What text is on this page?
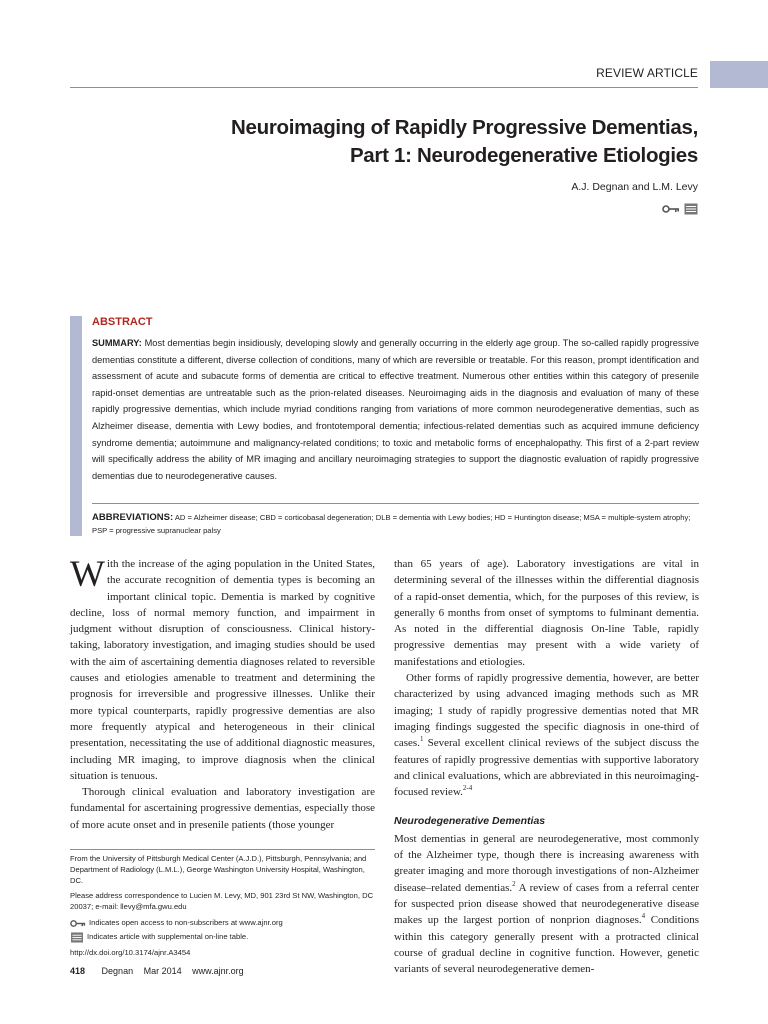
REVIEW ARTICLE
Neuroimaging of Rapidly Progressive Dementias,
Part 1: Neurodegenerative Etiologies
A.J. Degnan and L.M. Levy
ABSTRACT
SUMMARY: Most dementias begin insidiously, developing slowly and generally occurring in the elderly age group. The so-called rapidly progressive dementias constitute a different, diverse collection of conditions, many of which are reversible or treatable. For this reason, prompt identification and assessment of acute and subacute forms of dementia are critical to effective treatment. Numerous other entities within this category of presenile rapid-onset dementias are untreatable such as the prion-related diseases. Neuroimaging aids in the diagnosis and evaluation of many of these rapidly progressive dementias, which include myriad conditions ranging from variations of more common neurodegenerative dementias, such as Alzheimer disease, dementia with Lewy bodies, and frontotemporal dementia; infectious-related dementias such as acquired immune deficiency syndrome dementia; autoimmune and malignancy-related conditions; to toxic and metabolic forms of encephalopathy. This first of a 2-part review will specifically address the ability of MR imaging and ancillary neuroimaging strategies to support the diagnostic evaluation of rapidly progressive dementias due to neurodegenerative causes.
ABBREVIATIONS: AD = Alzheimer disease; CBD = corticobasal degeneration; DLB = dementia with Lewy bodies; HD = Huntington disease; MSA = multiple-system atrophy; PSP = progressive supranuclear palsy

With the increase of the aging population in the United States, the accurate recognition of dementia types is becoming an important clinical topic. Dementia is marked by cognitive decline, loss of normal memory function, and impairment in judgment without disruption of consciousness. Clinical history-taking, laboratory investigation, and imaging studies should be used with the aim of ascertaining dementia diagnoses related to reversible causes and etiologies amenable to treatment and determining the prognosis for irreversible and progressive illnesses. Unlike their more typical counterparts, rapidly progressive dementias are also more frequently atypical and heterogeneous in their clinical presentation, necessitating the use of additional diagnostic measures, including MR imaging, to improve diagnosis when the clinical situation is tenuous.

Thorough clinical evaluation and laboratory investigation are fundamental for ascertaining progressive dementias, especially those of more acute onset and in presenile patients (those younger

than 65 years of age). Laboratory investigations are vital in determining several of the illnesses within the differential diagnosis of a rapid-onset dementia, which, for the purposes of this review, is generally 6 months from onset of symptoms to fulminant dementia. As noted in the differential diagnosis On-line Table, rapidly progressive dementias may present with a wide variety of manifestations and etiologies.

Other forms of rapidly progressive dementia, however, are better characterized by using advanced imaging methods such as MR imaging; 1 study of rapidly progressive dementias noted that MR imaging findings suggested the specific diagnosis in one-third of cases.$^1$ Several excellent clinical reviews of the subject discuss the features of rapidly progressive dementias with supportive laboratory and clinical evaluations, which are abbreviated in this neuroimaging-focused review.$^{2-4}$

Neurodegenerative Dementias

Most dementias in general are neurodegenerative, most commonly of the Alzheimer type, though there is increasing awareness with greater imaging and more thorough investigations of non-Alzheimer disease–related dementias.$^2$ A review of cases from a referral center for suspected prion disease showed that neurodegenerative disease makes up the largest portion of nonprion diagnoses.$^4$ Conditions within this category generally present with a protracted clinical course of gradual decline in cognitive function. However, genetic variants of several neurodegenerative demen-

From the University of Pittsburgh Medical Center (A.J.D.), Pittsburgh, Pennsylvania; and Department of Radiology (L.M.L.), George Washington University Hospital, Washington, DC.

Please address correspondence to Lucien M. Levy, MD, 901 23rd St NW, Washington, DC 20037; e-mail: llevy@mfa.gwu.edu

Indicates open access to non-subscribers at www.ajnr.org
Indicates article with supplemental on-line table.

http://dx.doi.org/10.3174/ajnr.A3454

418 Degnan Mar 2014 www.ajnr.org
